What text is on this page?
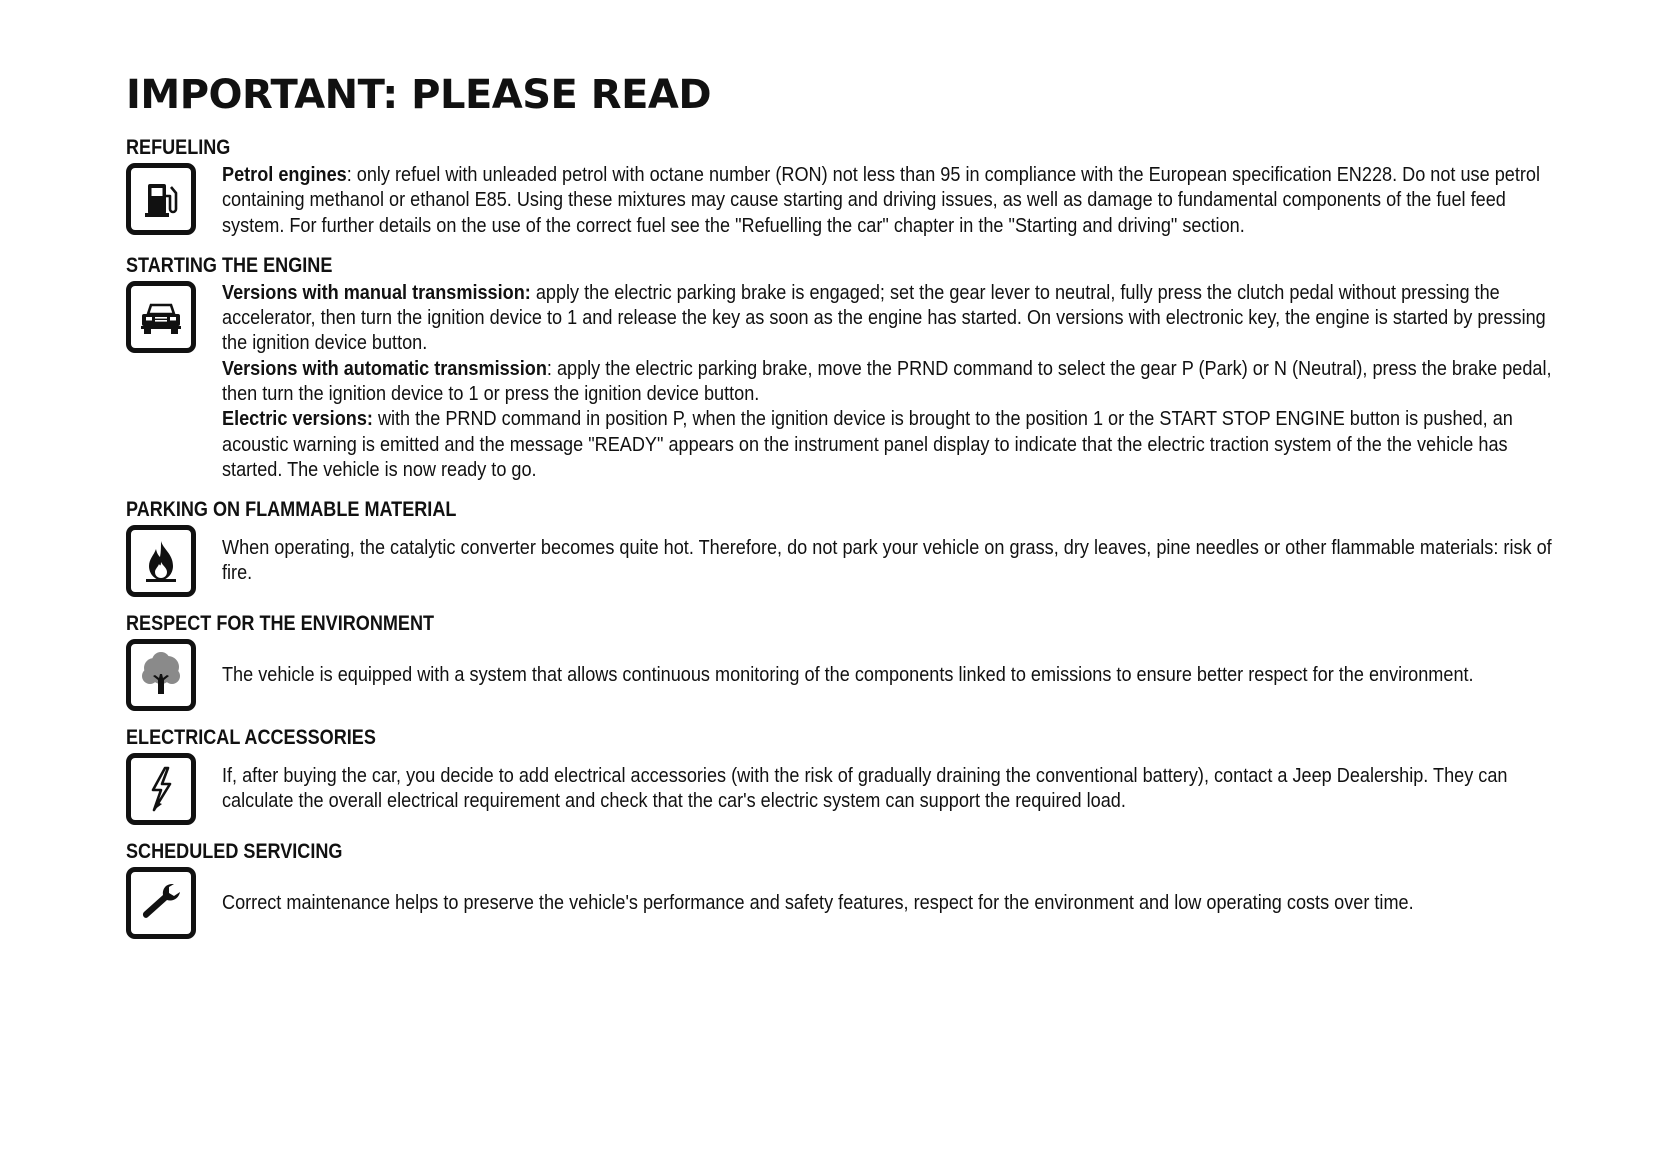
IMPORTANT: PLEASE READ
REFUELING

Petrol engines: only refuel with unleaded petrol with octane number (RON) not less than 95 in compliance with the European specification EN228. Do not use petrol containing methanol or ethanol E85. Using these mixtures may cause starting and driving issues, as well as damage to fundamental components of the fuel feed system. For further details on the use of the correct fuel see the "Refuelling the car" chapter in the "Starting and driving" section.

STARTING THE ENGINE

Versions with manual transmission: apply the electric parking brake is engaged; set the gear lever to neutral, fully press the clutch pedal without pressing the accelerator, then turn the ignition device to 1 and release the key as soon as the engine has started. On versions with electronic key, the engine is started by pressing the ignition device button.

Versions with automatic transmission: apply the electric parking brake, move the PRND command to select the gear P (Park) or N (Neutral), press the brake pedal, then turn the ignition device to 1 or press the ignition device button.

Electric versions: with the PRND command in position P, when the ignition device is brought to the position 1 or the START STOP ENGINE button is pushed, an acoustic warning is emitted and the message "READY" appears on the instrument panel display to indicate that the electric traction system of the the vehicle has started. The vehicle is now ready to go.

PARKING ON FLAMMABLE MATERIAL

When operating, the catalytic converter becomes quite hot. Therefore, do not park your vehicle on grass, dry leaves, pine needles or other flammable materials: risk of fire.

RESPECT FOR THE ENVIRONMENT

The vehicle is equipped with a system that allows continuous monitoring of the components linked to emissions to ensure better respect for the environment.

ELECTRICAL ACCESSORIES

If, after buying the car, you decide to add electrical accessories (with the risk of gradually draining the conventional battery), contact a Jeep Dealership. They can calculate the overall electrical requirement and check that the car's electric system can support the required load.

SCHEDULED SERVICING

Correct maintenance helps to preserve the vehicle's performance and safety features, respect for the environment and low operating costs over time.
